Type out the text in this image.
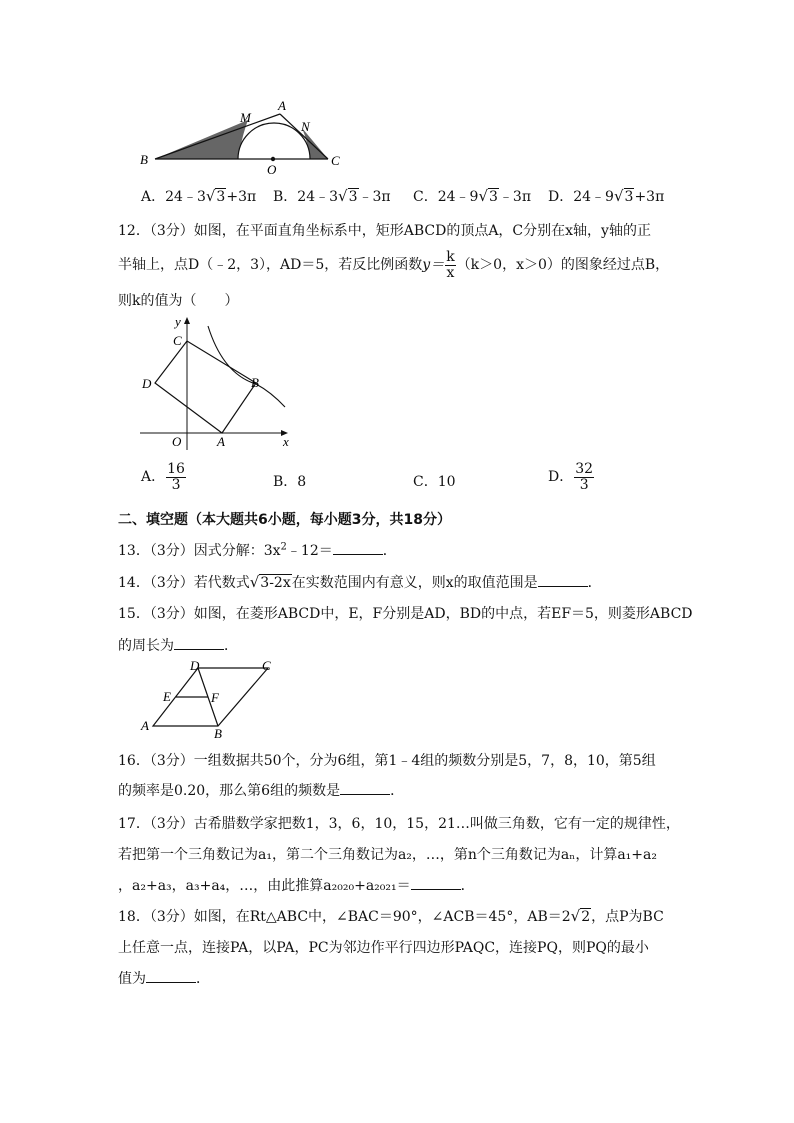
A
M
N
B	C
O
A．24﹣3√3+3π B．24﹣3√3﹣3π C．24﹣9√3﹣3π D．24﹣9√3+3π
12．（3分）如图，在平面直角坐标系中，矩形ABCD的顶点A，C分别在x轴，y轴的正
半轴上，点D（﹣2，3），AD＝5，若反比例函数$y= \frac{k}{x} (k>0$，x＞0）的图象经过点B，
则k的值为（　　）
y
C
D	B
O	A	x
A． $\frac{16}{3}$	B．8	C．10	D． $\frac{32}{3}$
二、填空题（本大题共6小题，每小题3分，共18分）
13．（3分）因式分解：$3x^2﹣12=$	．
14．（3分）若代数式√3-2x在实数范围内有意义，则x的取值范围是	．
15．（3分）如图，在菱形ABCD中，E，F分别是AD，BD的中点，若EF＝5，则菱形ABCD
的周长为	．
D	C
E	F
A
B
16．（3分）一组数据共50个，分为6组，第1﹣4组的频数分别是5，7，8，10，第5组
的频率是0.20，那么第6组的频数是	．
17．（3分）古希腊数学家把数1，3，6，10，15，21…叫做三角数，它有一定的规律性，
若把第一个三角数记为a₁，第二个三角数记为a₂，…，第n个三角数记为aₙ，计算a₁+a₂
，a₂+a₃，a₃+a₄，…，由此推算a₂₀₂₀+a₂₀₂₁＝	．
18．（3分）如图，在Rt△ABC中，∠BAC＝90°，∠ACB＝45°，AB＝2√2，点P为BC
上任意一点，连接PA，以PA，PC为邻边作平行四边形PAQC，连接PQ，则PQ的最小
值为	．
